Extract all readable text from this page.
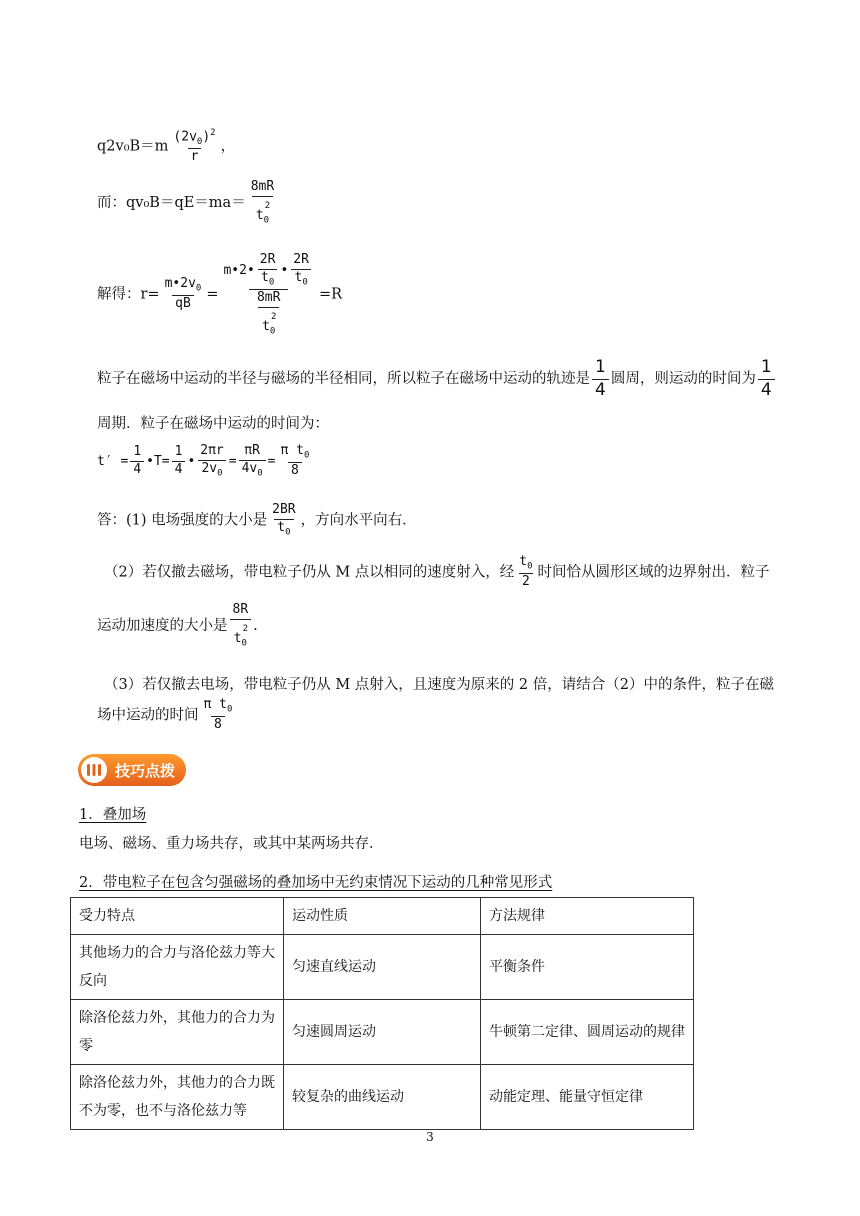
$q2v_0B=m \frac{(2v_0)^2}{r}$ ，
而：qv₀B＝qE＝ma＝ 8mR
2
$t_0$
解得：$r= \frac{m•2v_0}{qB}$ = m•2• $\frac{2R}{t_0}$ • $\frac{2R}{t_0}$
8mR
2
$t_0 =R$
粒子在磁场中运动的半径与磁场的半径相同，所以粒子在磁场中运动的轨迹是 $\frac{1}{4}$ 圆周，则运动的时间为 $\frac{1}{4}$
周期．粒子在磁场中运动的时间为：
$t' = \frac{1}{4}$ •T= $\frac{1}{4}$ • $\frac{2\pi r}{2v_0} = \frac{\pi R}{4v_0} = \frac{\pi t_0}{8}$
答：(1) 电场强度的大小是 $\frac{2BR}{t_0}$ ，方向水平向右．
（2）若仅撤去磁场，带电粒子仍从 M 点以相同的速度射入，经 $\frac{t_0}{2}$ 时间恰从圆形区域的边界射出．粒子
运动加速度的大小是 8R
2
$t_0$ .
（3）若仅撤去电场，带电粒子仍从 M 点射入，且速度为原来的 2 倍，请结合（2）中的条件，粒子在磁
场中运动的时间 $\frac{\pi t_0}{8}$
技巧点拨
1．叠加场
电场、磁场、重力场共存，或其中某两场共存．
2．带电粒子在包含匀强磁场的叠加场中无约束情况下运动的几种常见形式
受力特点	运动性质	方法规律
其他场力的合力与洛伦兹力等大反向	匀速直线运动	平衡条件
除洛伦兹力外，其他力的合力为零	匀速圆周运动	牛顿第二定律、圆周运动的规律
除洛伦兹力外，其他力的合力既不为零，也不与洛伦兹力等	较复杂的曲线运动	动能定理、能量守恒定律
3
